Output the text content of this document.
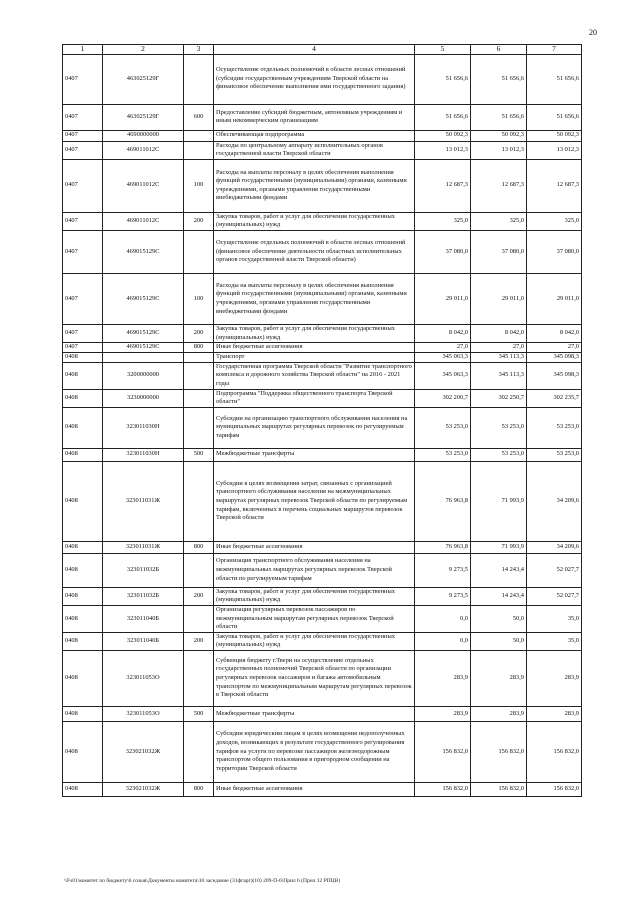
20
1	2	3	4	5	6	7
0407	463025129Г		Осуществление отдельных полномочий в области лесных отношений (субсидии государственным учреждениям Тверской области на финансовое обеспечение выполнения ими государственного задания)	51 656,6	51 656,6	51 656,6
0407	463025129Г	600	Предоставление субсидий бюджетным, автономным учреждениям и иным некоммерческим организациям	51 656,6	51 656,6	51 656,6
0407	4690000000		Обеспечивающая подпрограмма	50 092,3	50 092,3	50 092,3
0407	469011012С		Расходы по центральному аппарату исполнительных органов государственной власти Тверской области	13 012,3	13 012,3	13 012,3
0407	469011012С	100	Расходы на выплаты персоналу в целях обеспечения выполнения функций государственными (муниципальными) органами, казенными учреждениями, органами управления государственными внебюджетными фондами	12 687,3	12 687,3	12 687,3
0407	469011012С	200	Закупка товаров, работ и услуг для обеспечения государственных (муниципальных) нужд	325,0	325,0	325,0
0407	469015129С		Осуществление отдельных полномочий в области лесных отношений (финансовое обеспечение деятельности областных исполнительных органов государственной власти Тверской области)	37 080,0	37 080,0	37 080,0
0407	469015129С	100	Расходы на выплаты персоналу в целях обеспечения выполнения функций государственными (муниципальными) органами, казенными учреждениями, органами управления государственными внебюджетными фондами	29 011,0	29 011,0	29 011,0
0407	469015129С	200	Закупка товаров, работ и услуг для обеспечения государственных (муниципальных) нужд	8 042,0	8 042,0	8 042,0
0407	469015129С	800	Иные бюджетные ассигнования	27,0	27,0	27,0
0408			Транспорт	345 063,3	345 113,3	345 098,3
0408	3200000000		Государственная программа Тверской области "Развитие транспортного комплекса и дорожного хозяйства Тверской области" на 2016 - 2021 годы	345 063,3	345 113,3	345 098,3
0408	3230000000		Подпрограмма "Поддержка общественного транспорта Тверской области"	302 200,7	302 250,7	302 235,7
0408	323011030Н		Субсидии на организацию транспортного обслуживания населения на муниципальных маршрутах регулярных перевозок по регулируемым тарифам	53 253,0	53 253,0	53 253,0
0408	323011030Н	500	Межбюджетные трансферты	53 253,0	53 253,0	53 253,0
0408	323011031Ж		Субсидии в целях возмещения затрат, связанных с организацией транспортного обслуживания населения на межмуниципальных маршрутах регулярных перевозок Тверской области по регулируемым тарифам, включенных в перечень социальных маршрутов перевозок Тверской области	76 963,8	71 993,9	34 209,6
0408	323011031Ж	800	Иные бюджетные ассигнования	76 963,8	71 993,9	34 209,6
0408	323011032Б		Организация транспортного обслуживания населения на межмуниципальных маршрутах регулярных перевозок Тверской области по регулируемым тарифам	9 273,5	14 243,4	52 027,7
0408	323011032Б	200	Закупка товаров, работ и услуг для обеспечения государственных (муниципальных) нужд	9 273,5	14 243,4	52 027,7
0408	323011040Б		Организация регулярных перевозок пассажиров по межмуниципальным маршрутам регулярных перевозок Тверской области	0,0	50,0	35,0
0408	323011040Б	200	Закупка товаров, работ и услуг для обеспечения государственных (муниципальных) нужд	0,0	50,0	35,0
0408	323011053О		Субвенция бюджету г.Твери на осуществление отдельных государственных полномочий Тверской области по организации регулярных перевозок пассажиров и багажа автомобильным транспортом по межмуниципальным маршрутам регулярных перевозок в Тверской области	283,9	283,9	283,9
0408	323011053О	500	Межбюджетные трансферты	283,9	283,9	283,9
0408	323021032Ж		Субсидии юридическим лицам в целях возмещения недополученных доходов, возникающих в результате государственного регулирования тарифов на услуги по перевозке пассажиров железнодорожным транспортом общего пользования в пригородном сообщении на территории Тверской области	156 832,0	156 832,0	156 832,0
0408	323021032Ж	800	Иные бюджетные ассигнования	156 832,0	156 832,0	156 832,0
\\Fs01\комитет по бюджету\6 созыв\Документы комитета\10 заседание (31фгарг)(10) 209-П-6\Прил 6 (Прил 12 РПЦВ)
